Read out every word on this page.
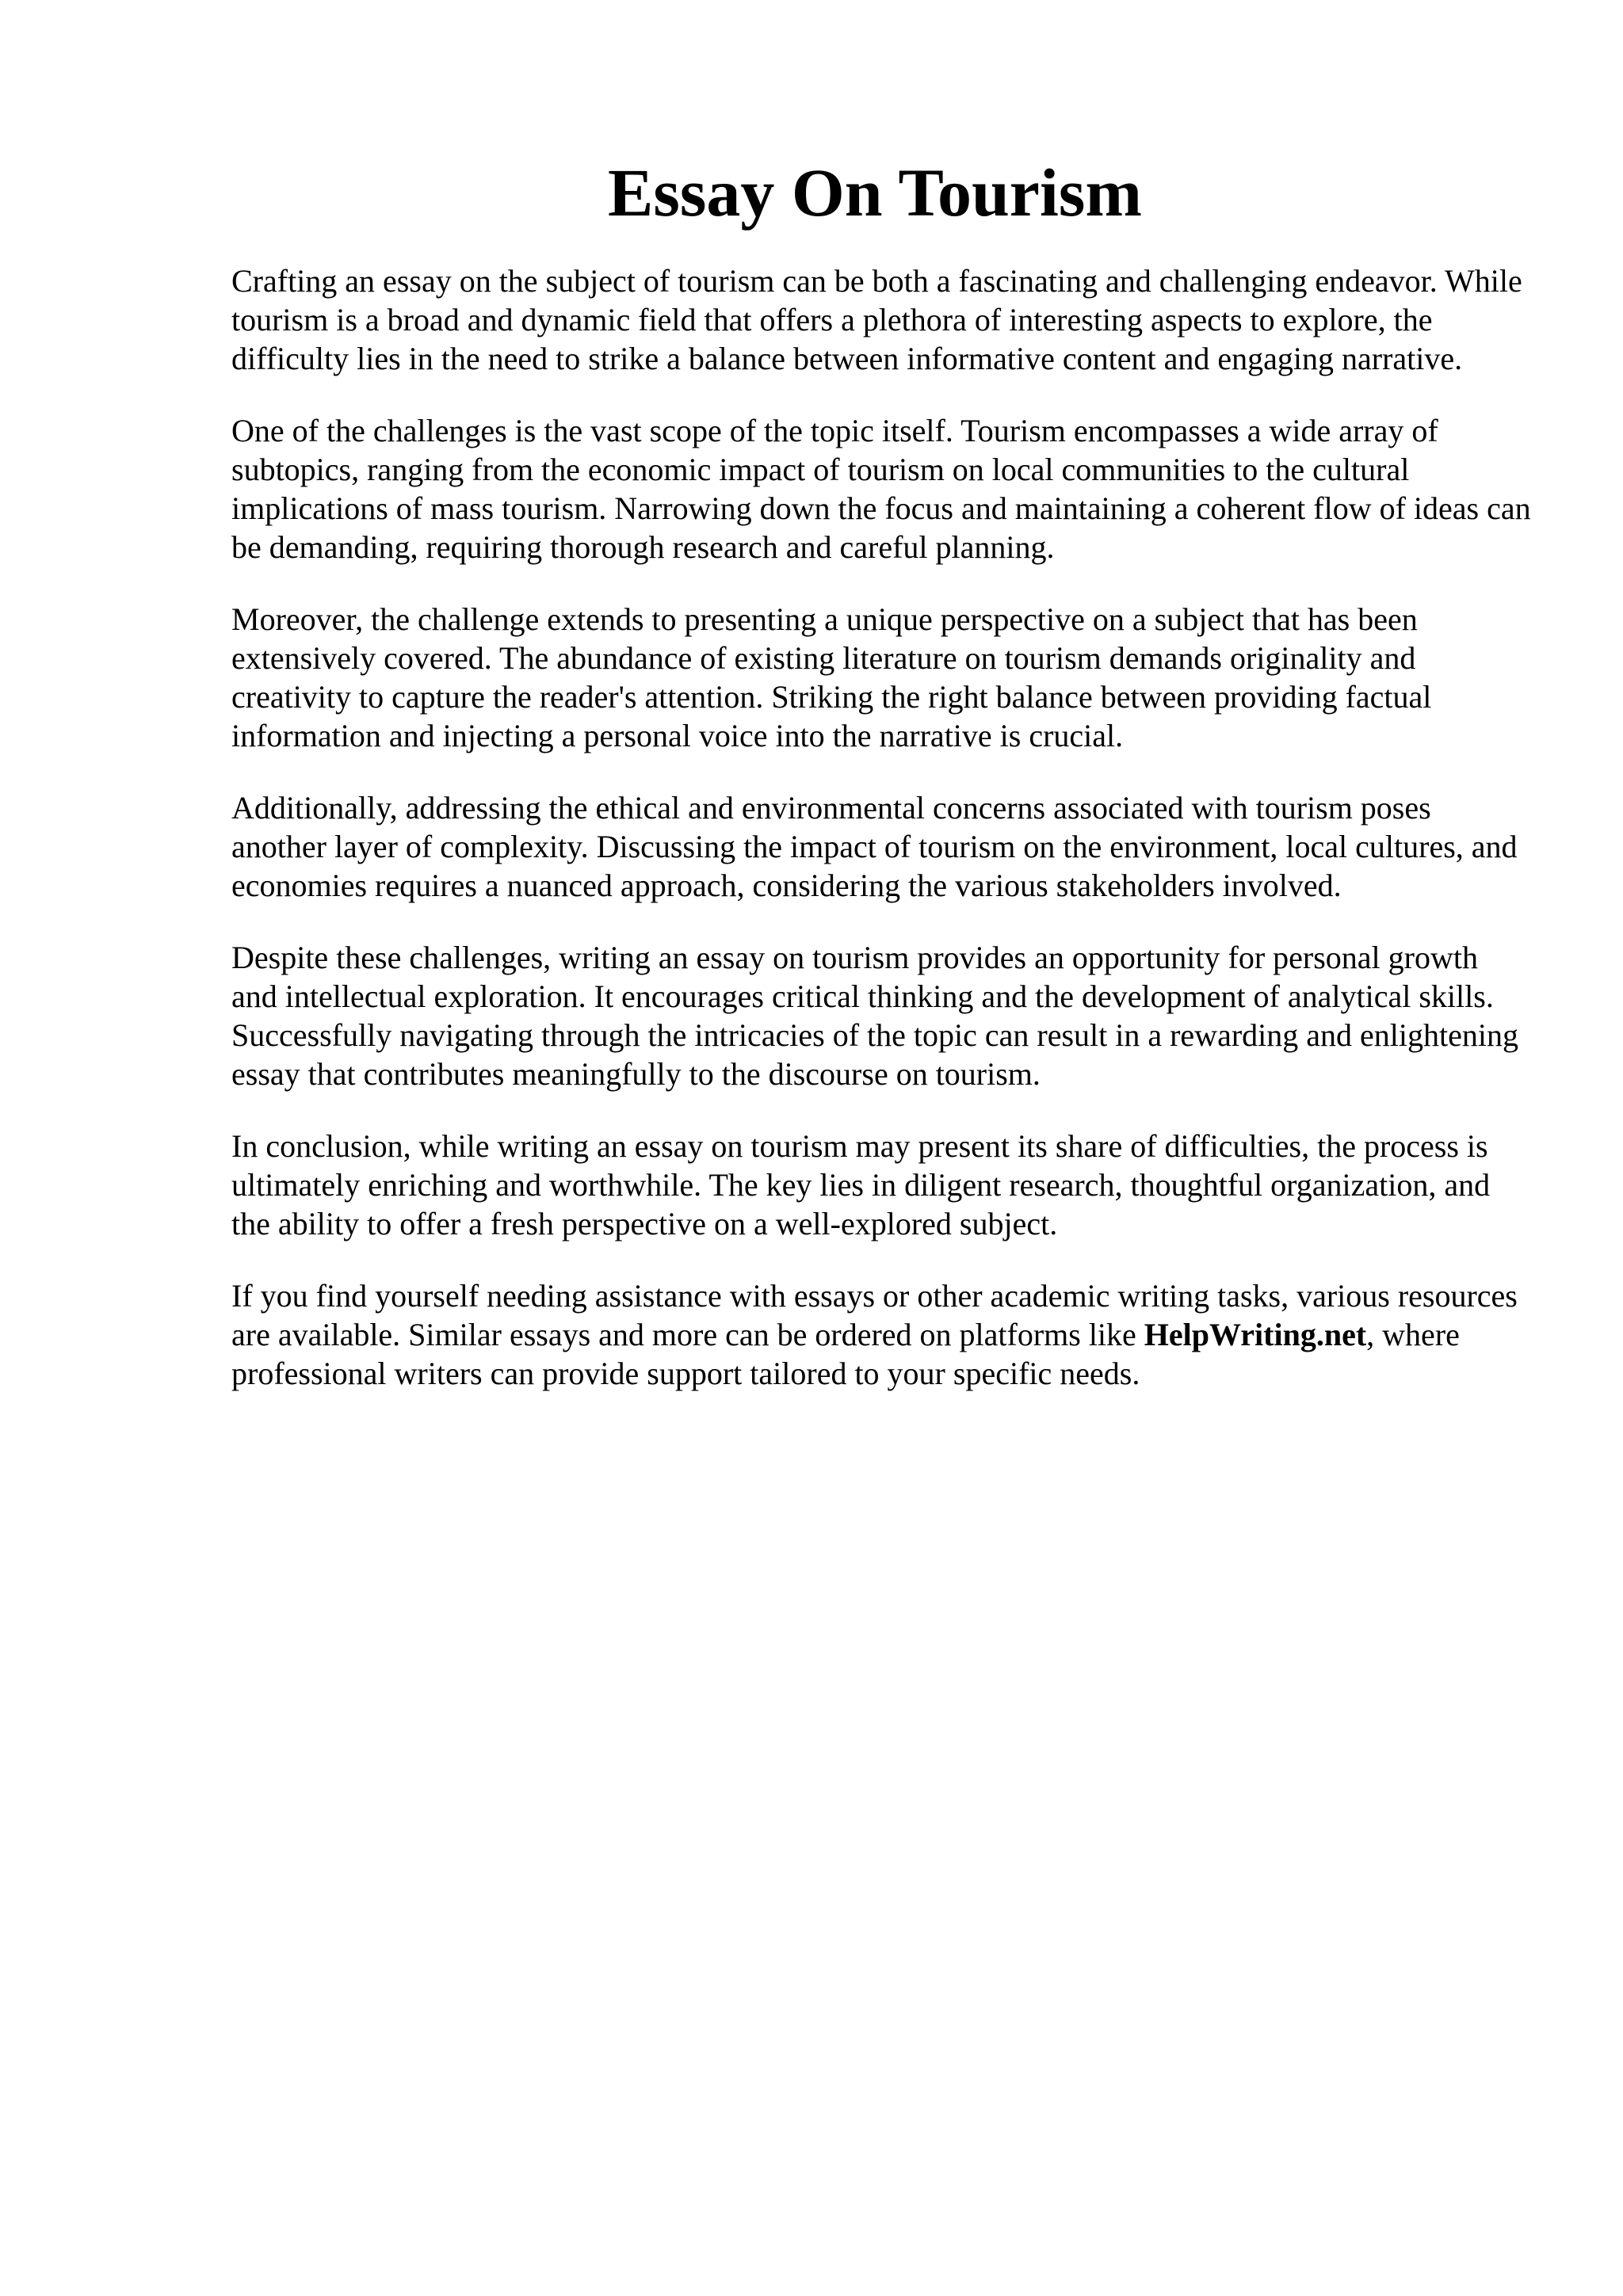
Essay On Tourism

Crafting an essay on the subject of tourism can be both a fascinating and challenging endeavor. While tourism is a broad and dynamic field that offers a plethora of interesting aspects to explore, the difficulty lies in the need to strike a balance between informative content and engaging narrative.

One of the challenges is the vast scope of the topic itself. Tourism encompasses a wide array of subtopics, ranging from the economic impact of tourism on local communities to the cultural implications of mass tourism. Narrowing down the focus and maintaining a coherent flow of ideas can be demanding, requiring thorough research and careful planning.

Moreover, the challenge extends to presenting a unique perspective on a subject that has been extensively covered. The abundance of existing literature on tourism demands originality and creativity to capture the reader's attention. Striking the right balance between providing factual information and injecting a personal voice into the narrative is crucial.

Additionally, addressing the ethical and environmental concerns associated with tourism poses another layer of complexity. Discussing the impact of tourism on the environment, local cultures, and economies requires a nuanced approach, considering the various stakeholders involved.

Despite these challenges, writing an essay on tourism provides an opportunity for personal growth and intellectual exploration. It encourages critical thinking and the development of analytical skills. Successfully navigating through the intricacies of the topic can result in a rewarding and enlightening essay that contributes meaningfully to the discourse on tourism.

In conclusion, while writing an essay on tourism may present its share of difficulties, the process is ultimately enriching and worthwhile. The key lies in diligent research, thoughtful organization, and the ability to offer a fresh perspective on a well-explored subject.

If you find yourself needing assistance with essays or other academic writing tasks, various resources are available. Similar essays and more can be ordered on platforms like HelpWriting.net, where professional writers can provide support tailored to your specific needs.
